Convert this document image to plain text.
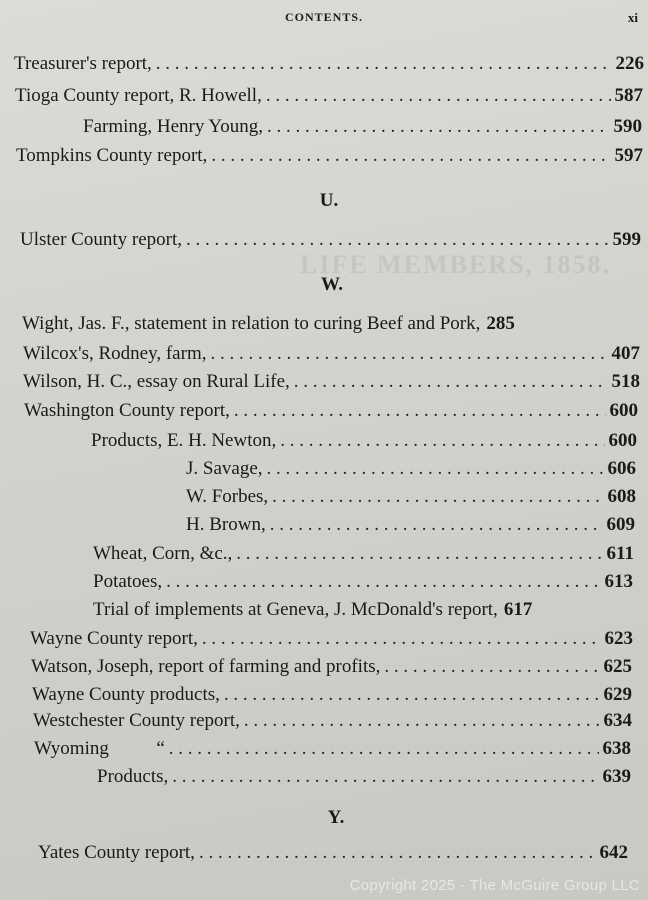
LIFE MEMBERS, 1858.
CONTENTS.	xi
Treasurer's report, . . .	226
Tioga County report, R. Howell, . . .	587
Farming, Henry Young, . . .	590
Tompkins County report, . . .	597
U.
Ulster County report, . . .	599
W.
Wight, Jas. F., statement in relation to curing Beef and Pork, 285
Wilcox's, Rodney, farm, . . .	407
Wilson, H. C., essay on Rural Life, . . .	518
Washington County report, . . .	600
Products, E. H. Newton, . . .	600
J. Savage, . . .	606
W. Forbes, . . .	608
H. Brown, . . .	609
Wheat, Corn, &c., . . .	611
Potatoes, . . .	613
Trial of implements at Geneva, J. McDonald's report, 617
Wayne County report, . . .	623
Watson, Joseph, report of farming and profits, . . .	625
Wayne County products, . . .	629
Westchester County report, . . .	634
Wyoming          “ . . .	638
Products, . . .	639
Y.
Yates County report, . . .	642
Copyright 2025 - The McGuire Group LLC
